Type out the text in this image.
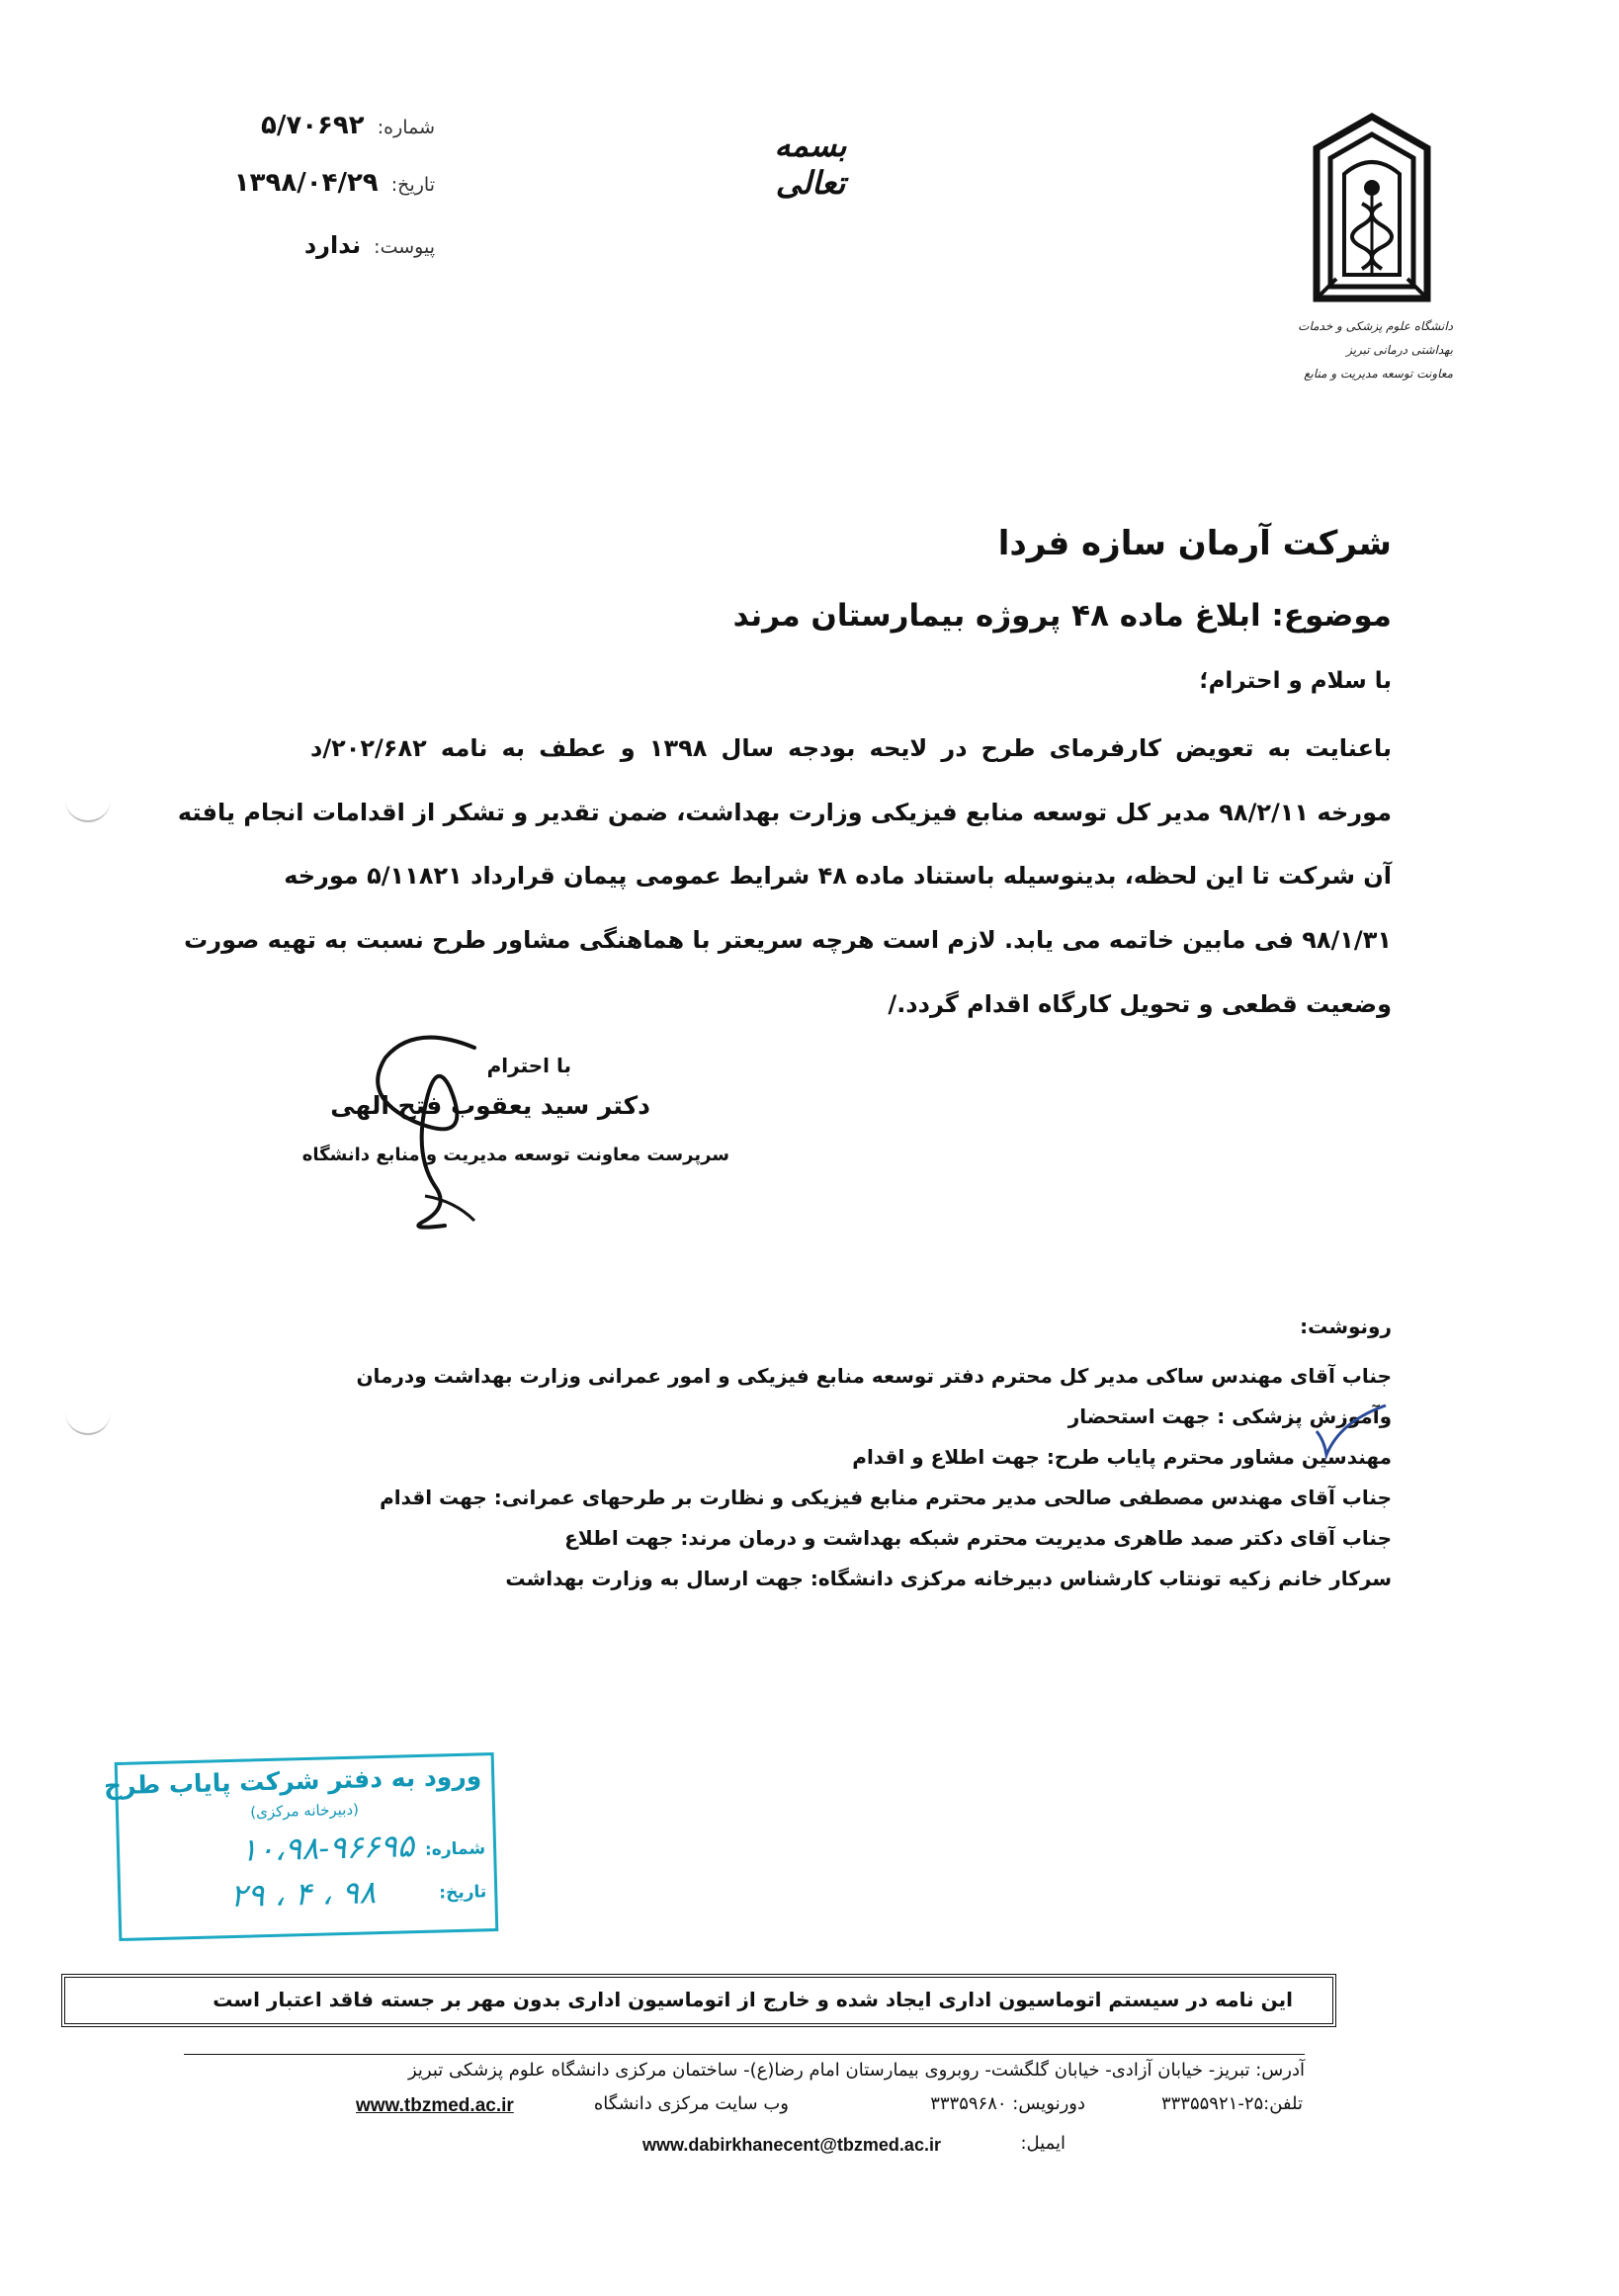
شماره: ۵/۷۰۶۹۲
تاریخ: ۱۳۹۸/۰۴/۲۹
پیوست: ندارد
بسمه تعالی
دانشگاه علوم پزشکی و خدمات بهداشتی درمانی تبریز
معاونت توسعه مدیریت و منابع
شرکت آرمان سازه فردا
موضوع: ابلاغ ماده ۴۸ پروژه بیمارستان مرند
با سلام و احترام؛
باعنایت به تعویض کارفرمای طرح در لایحه بودجه سال ۱۳۹۸ و عطف به نامه ۲۰۲/۶۸۲/د
مورخه ۹۸/۲/۱۱ مدیر کل توسعه منابع فیزیکی وزارت بهداشت، ضمن تقدیر و تشکر از اقدامات انجام یافته
آن شرکت تا این لحظه، بدینوسیله باستناد ماده ۴۸ شرایط عمومی پیمان قرارداد ۵/۱۱۸۲۱ مورخه
۹۸/۱/۳۱ فی مابین خاتمه می یابد. لازم است هرچه سریعتر با هماهنگی مشاور طرح نسبت به تهیه صورت
وضعیت قطعی و تحویل کارگاه اقدام گردد./
با احترام
دکتر سید یعقوب فتح الهی
سرپرست معاونت توسعه مدیریت و منابع دانشگاه
رونوشت:
جناب آقای مهندس ساکی مدیر کل محترم دفتر توسعه منابع فیزیکی و امور عمرانی وزارت بهداشت ودرمان
وآموزش پزشکی : جهت استحضار
مهندسین مشاور محترم پایاب طرح: جهت اطلاع و اقدام
جناب آقای مهندس مصطفی صالحی مدیر محترم منابع فیزیکی و نظارت بر طرحهای عمرانی: جهت اقدام
جناب آقای دکتر صمد طاهری مدیریت محترم شبکه بهداشت و درمان مرند: جهت اطلاع
سرکار خانم زکیه تونتاب کارشناس دبیرخانه مرکزی دانشگاه: جهت ارسال به وزارت بهداشت
ورود به دفتر شرکت پایاب طرح
(دبیرخانه مرکزی)
شماره:
۱۰،۹۸-۹۶۶۹۵
تاریخ:
۹۸ ، ۴ ، ۲۹
این نامه در سیستم اتوماسیون اداری ایجاد شده و خارج از اتوماسیون اداری بدون مهر بر جسته فاقد اعتبار است
آدرس: تبریز- خیابان آزادی- خیابان گلگشت- روبروی بیمارستان امام رضا(ع)- ساختمان مرکزی دانشگاه علوم پزشکی تبریز
تلفن:۲۵-۳۳۳۵۵۹۲۱
دورنویس: ۳۳۳۵۹۶۸۰
وب سایت مرکزی دانشگاه
www.tbzmed.ac.ir
ایمیل:
www.dabirkhanecent@tbzmed.ac.ir
